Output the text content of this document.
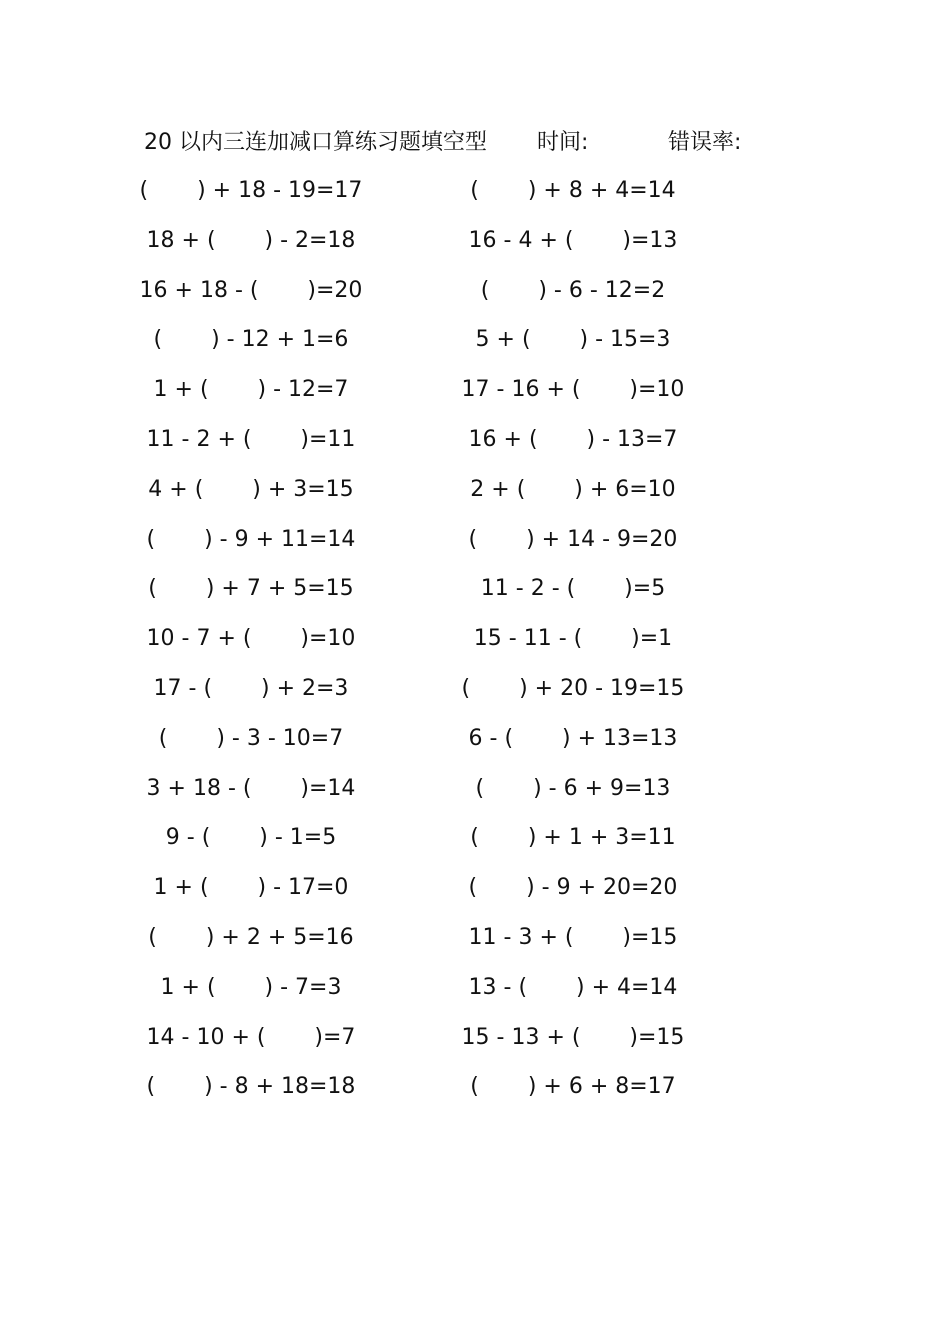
20 以内三连加减口算练习题填空型 时间:	错误率:
(       ) + 18 - 19=17	(       ) + 8 + 4=14
18 + (       ) - 2=18	16 - 4 + (       )=13
16 + 18 - (       )=20	(       ) - 6 - 12=2
(       ) - 12 + 1=6	5 + (       ) - 15=3
1 + (       ) - 12=7	17 - 16 + (       )=10
11 - 2 + (       )=11	16 + (       ) - 13=7
4 + (       ) + 3=15	2 + (       ) + 6=10
(       ) - 9 + 11=14	(       ) + 14 - 9=20
(       ) + 7 + 5=15	11 - 2 - (       )=5
10 - 7 + (       )=10	15 - 11 - (       )=1
17 - (       ) + 2=3	(       ) + 20 - 19=15
(       ) - 3 - 10=7	6 - (       ) + 13=13
3 + 18 - (       )=14	(       ) - 6 + 9=13
9 - (       ) - 1=5	(       ) + 1 + 3=11
1 + (       ) - 17=0	(       ) - 9 + 20=20
(       ) + 2 + 5=16	11 - 3 + (       )=15
1 + (       ) - 7=3	13 - (       ) + 4=14
14 - 10 + (       )=7	15 - 13 + (       )=15
(       ) - 8 + 18=18	(       ) + 6 + 8=17
